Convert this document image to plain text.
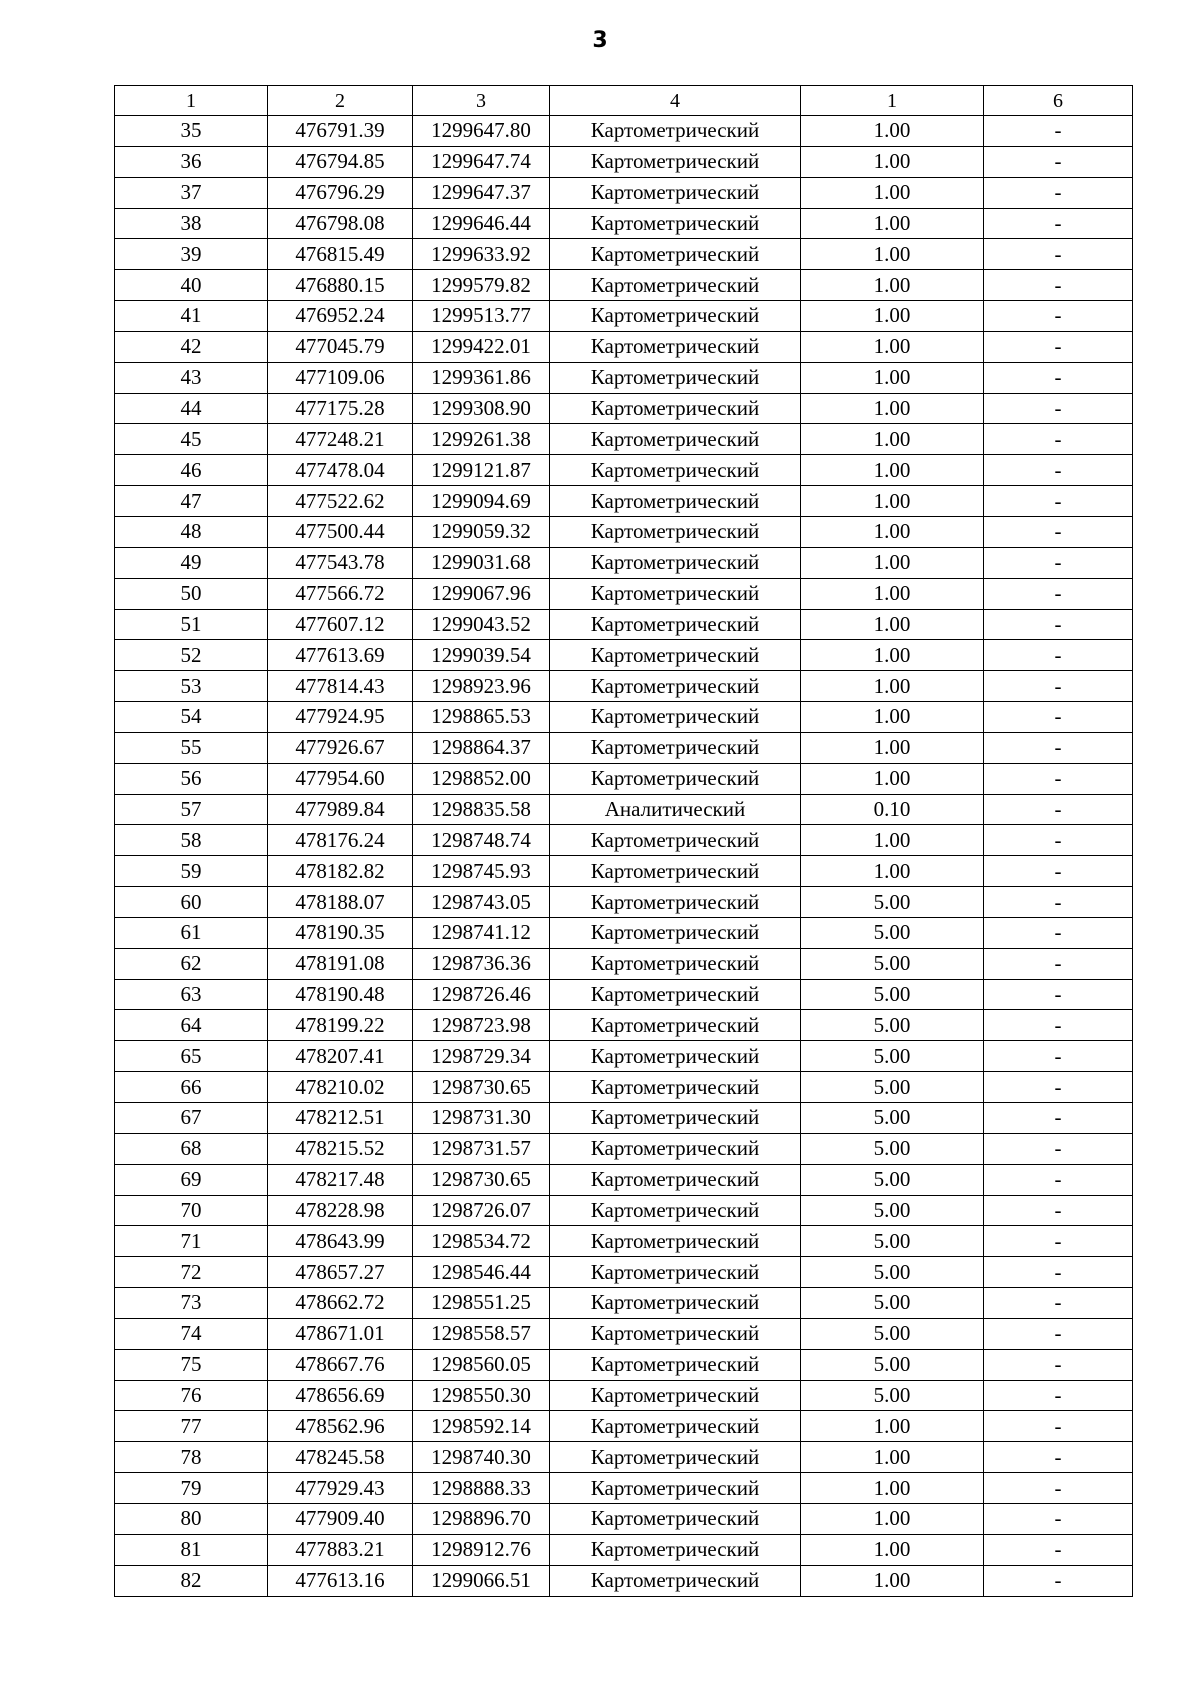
3
1	2	3	4	1	6
35	476791.39	1299647.80	Картометрический	1.00	-
36	476794.85	1299647.74	Картометрический	1.00	-
37	476796.29	1299647.37	Картометрический	1.00	-
38	476798.08	1299646.44	Картометрический	1.00	-
39	476815.49	1299633.92	Картометрический	1.00	-
40	476880.15	1299579.82	Картометрический	1.00	-
41	476952.24	1299513.77	Картометрический	1.00	-
42	477045.79	1299422.01	Картометрический	1.00	-
43	477109.06	1299361.86	Картометрический	1.00	-
44	477175.28	1299308.90	Картометрический	1.00	-
45	477248.21	1299261.38	Картометрический	1.00	-
46	477478.04	1299121.87	Картометрический	1.00	-
47	477522.62	1299094.69	Картометрический	1.00	-
48	477500.44	1299059.32	Картометрический	1.00	-
49	477543.78	1299031.68	Картометрический	1.00	-
50	477566.72	1299067.96	Картометрический	1.00	-
51	477607.12	1299043.52	Картометрический	1.00	-
52	477613.69	1299039.54	Картометрический	1.00	-
53	477814.43	1298923.96	Картометрический	1.00	-
54	477924.95	1298865.53	Картометрический	1.00	-
55	477926.67	1298864.37	Картометрический	1.00	-
56	477954.60	1298852.00	Картометрический	1.00	-
57	477989.84	1298835.58	Аналитический	0.10	-
58	478176.24	1298748.74	Картометрический	1.00	-
59	478182.82	1298745.93	Картометрический	1.00	-
60	478188.07	1298743.05	Картометрический	5.00	-
61	478190.35	1298741.12	Картометрический	5.00	-
62	478191.08	1298736.36	Картометрический	5.00	-
63	478190.48	1298726.46	Картометрический	5.00	-
64	478199.22	1298723.98	Картометрический	5.00	-
65	478207.41	1298729.34	Картометрический	5.00	-
66	478210.02	1298730.65	Картометрический	5.00	-
67	478212.51	1298731.30	Картометрический	5.00	-
68	478215.52	1298731.57	Картометрический	5.00	-
69	478217.48	1298730.65	Картометрический	5.00	-
70	478228.98	1298726.07	Картометрический	5.00	-
71	478643.99	1298534.72	Картометрический	5.00	-
72	478657.27	1298546.44	Картометрический	5.00	-
73	478662.72	1298551.25	Картометрический	5.00	-
74	478671.01	1298558.57	Картометрический	5.00	-
75	478667.76	1298560.05	Картометрический	5.00	-
76	478656.69	1298550.30	Картометрический	5.00	-
77	478562.96	1298592.14	Картометрический	1.00	-
78	478245.58	1298740.30	Картометрический	1.00	-
79	477929.43	1298888.33	Картометрический	1.00	-
80	477909.40	1298896.70	Картометрический	1.00	-
81	477883.21	1298912.76	Картометрический	1.00	-
82	477613.16	1299066.51	Картометрический	1.00	-
